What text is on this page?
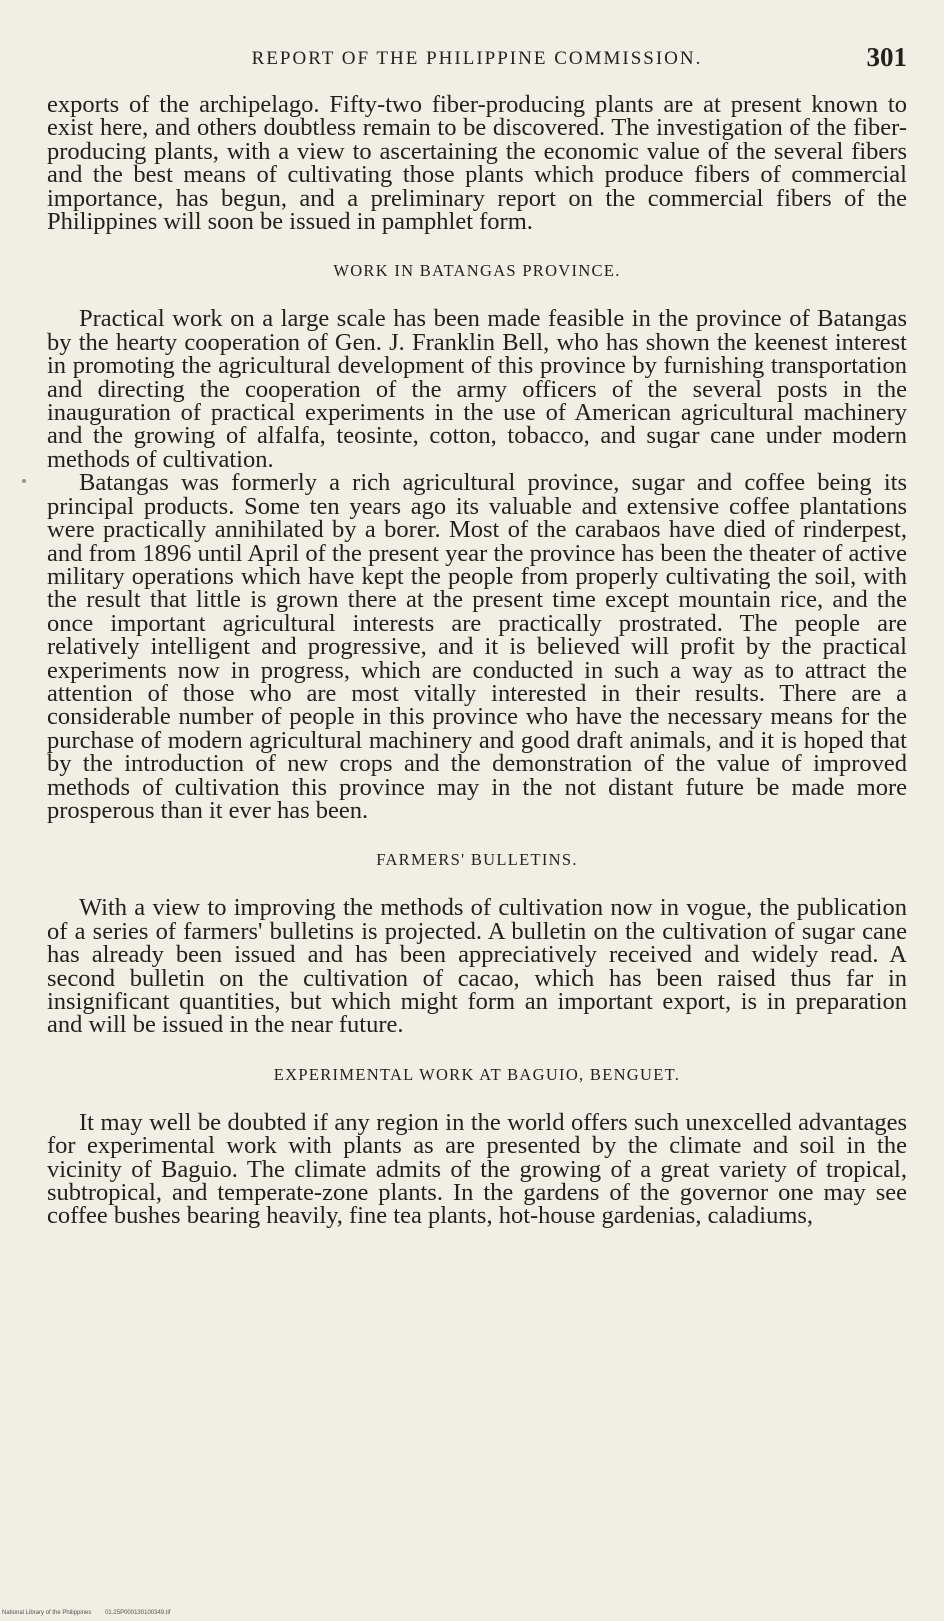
REPORT OF THE PHILIPPINE COMMISSION.	301

exports of the archipelago. Fifty-two fiber-producing plants are at present known to exist here, and others doubtless remain to be discovered. The investigation of the fiber-producing plants, with a view to ascertaining the economic value of the several fibers and the best means of cultivating those plants which produce fibers of commercial importance, has begun, and a preliminary report on the commercial fibers of the Philippines will soon be issued in pamphlet form.

WORK IN BATANGAS PROVINCE.

Practical work on a large scale has been made feasible in the province of Batangas by the hearty cooperation of Gen. J. Franklin Bell, who has shown the keenest interest in promoting the agricultural development of this province by furnishing transportation and directing the cooperation of the army officers of the several posts in the inauguration of practical experiments in the use of American agricultural machinery and the growing of alfalfa, teosinte, cotton, tobacco, and sugar cane under modern methods of cultivation.

Batangas was formerly a rich agricultural province, sugar and coffee being its principal products. Some ten years ago its valuable and extensive coffee plantations were practically annihilated by a borer. Most of the carabaos have died of rinderpest, and from 1896 until April of the present year the province has been the theater of active military operations which have kept the people from properly cultivating the soil, with the result that little is grown there at the present time except mountain rice, and the once important agricultural interests are practically prostrated. The people are relatively intelligent and progressive, and it is believed will profit by the practical experiments now in progress, which are conducted in such a way as to attract the attention of those who are most vitally interested in their results. There are a considerable number of people in this province who have the necessary means for the purchase of modern agricultural machinery and good draft animals, and it is hoped that by the introduction of new crops and the demonstration of the value of improved methods of cultivation this province may in the not distant future be made more prosperous than it ever has been.

FARMERS' BULLETINS.

With a view to improving the methods of cultivation now in vogue, the publication of a series of farmers' bulletins is projected. A bulletin on the cultivation of sugar cane has already been issued and has been appreciatively received and widely read. A second bulletin on the cultivation of cacao, which has been raised thus far in insignificant quantities, but which might form an important export, is in preparation and will be issued in the near future.

EXPERIMENTAL WORK AT BAGUIO, BENGUET.

It may well be doubted if any region in the world offers such unexcelled advantages for experimental work with plants as are presented by the climate and soil in the vicinity of Baguio. The climate admits of the growing of a great variety of tropical, subtropical, and temperate-zone plants. In the gardens of the governor one may see coffee bushes bearing heavily, fine tea plants, hot-house gardenias, caladiums,

National Library of the Philippines 01.25P000130100349.tif
